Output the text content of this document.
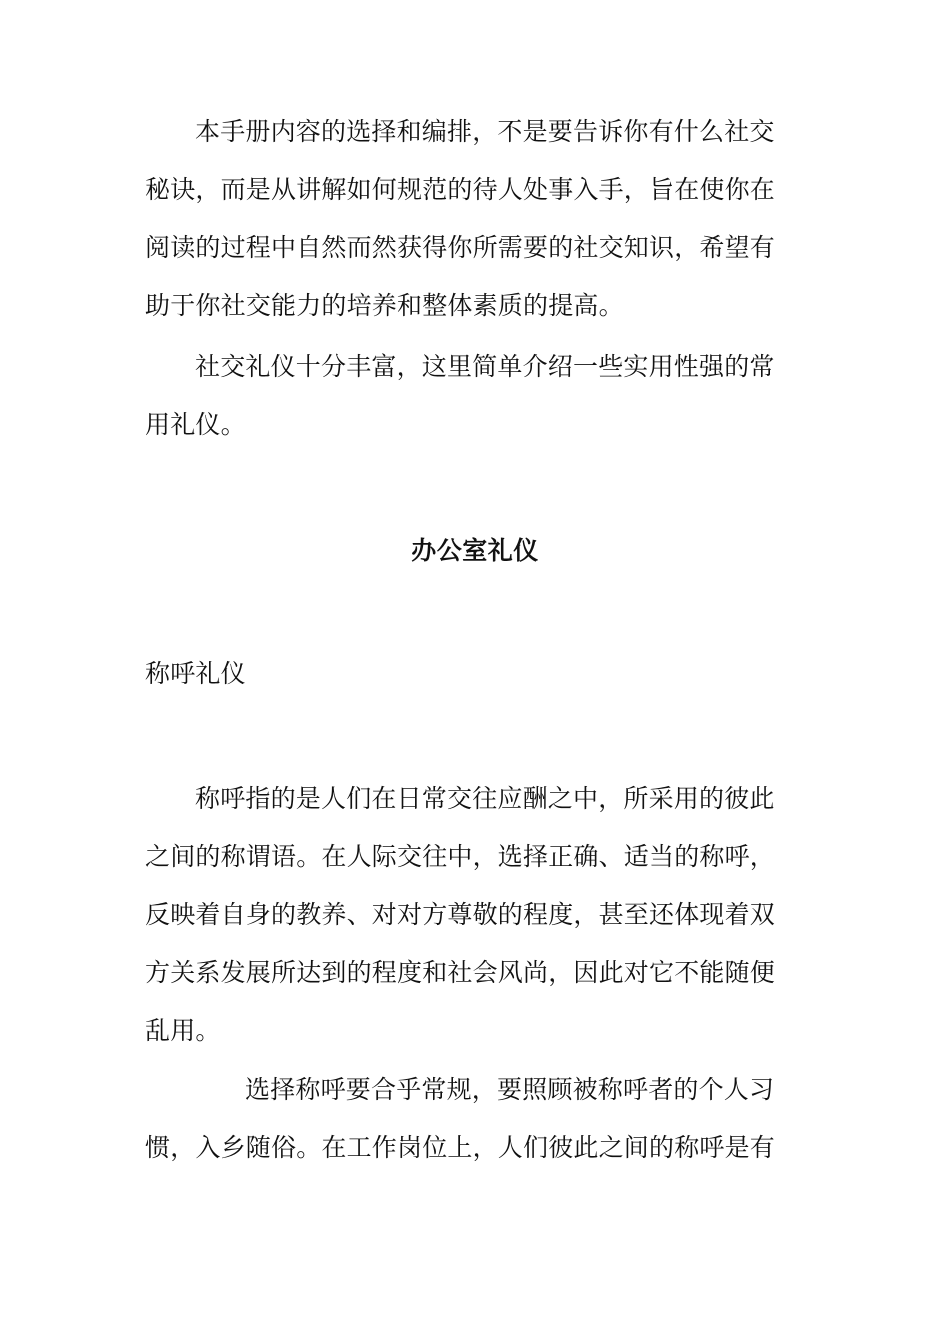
本手册内容的选择和编排，不是要告诉你有什么社交
秘诀，而是从讲解如何规范的待人处事入手，旨在使你在
阅读的过程中自然而然获得你所需要的社交知识，希望有
助于你社交能力的培养和整体素质的提高。
社交礼仪十分丰富，这里简单介绍一些实用性强的常
用礼仪。
办公室礼仪
称呼礼仪
称呼指的是人们在日常交往应酬之中，所采用的彼此
之间的称谓语。在人际交往中，选择正确、适当的称呼，
反映着自身的教养、对对方尊敬的程度，甚至还体现着双
方关系发展所达到的程度和社会风尚，因此对它不能随便
乱用。
选择称呼要合乎常规，要照顾被称呼者的个人习
惯，入乡随俗。在工作岗位上，人们彼此之间的称呼是有
